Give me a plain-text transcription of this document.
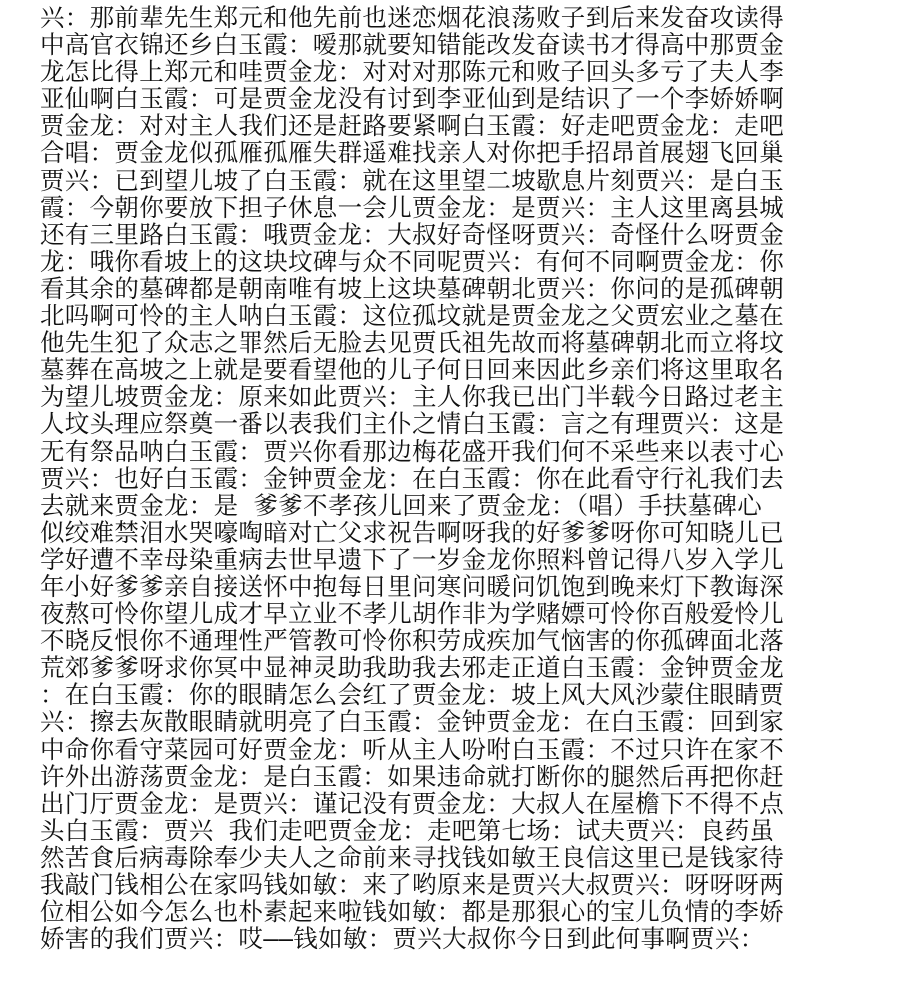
兴：那前辈先生郑元和他先前也迷恋烟花浪荡败子到后来发奋攻读得
中高官衣锦还乡白玉霞：嗳那就要知错能改发奋读书才得高中那贾金
龙怎比得上郑元和哇贾金龙：对对对那陈元和败子回头多亏了夫人李
亚仙啊白玉霞：可是贾金龙没有讨到李亚仙到是结识了一个李娇娇啊
贾金龙：对对主人我们还是赶路要紧啊白玉霞：好走吧贾金龙：走吧
合唱：贾金龙似孤雁孤雁失群遥难找亲人对你把手招昂首展翅飞回巢
贾兴：已到望儿坡了白玉霞：就在这里望二坡歇息片刻贾兴：是白玉
霞：今朝你要放下担子休息一会儿贾金龙：是贾兴：主人这里离县城
还有三里路白玉霞：哦贾金龙：大叔好奇怪呀贾兴：奇怪什么呀贾金
龙：哦你看坡上的这块坟碑与众不同呢贾兴：有何不同啊贾金龙：你
看其余的墓碑都是朝南唯有坡上这块墓碑朝北贾兴：你问的是孤碑朝
北吗啊可怜的主人呐白玉霞：这位孤坟就是贾金龙之父贾宏业之墓在
他先生犯了众志之罪然后无脸去见贾氏祖先故而将墓碑朝北而立将坟
墓葬在高坡之上就是要看望他的儿子何日回来因此乡亲们将这里取名
为望儿坡贾金龙：原来如此贾兴：主人你我已出门半载今日路过老主
人坟头理应祭奠一番以表我们主仆之情白玉霞：言之有理贾兴：这是
无有祭品呐白玉霞：贾兴你看那边梅花盛开我们何不采些来以表寸心
贾兴：也好白玉霞：金钟贾金龙：在白玉霞：你在此看守行礼我们去
去就来贾金龙：是 爹爹不孝孩儿回来了贾金龙：（唱）手扶墓碑心
似绞难禁泪水哭嚎啕暗对亡父求祝告啊呀我的好爹爹呀你可知晓儿已
学好遭不幸母染重病去世早遗下了一岁金龙你照料曾记得八岁入学儿
年小好爹爹亲自接送怀中抱每日里问寒问暖问饥饱到晚来灯下教诲深
夜熬可怜你望儿成才早立业不孝儿胡作非为学赌嫖可怜你百般爱怜儿
不晓反恨你不通理性严管教可怜你积劳成疾加气恼害的你孤碑面北落
荒郊爹爹呀求你冥中显神灵助我助我去邪走正道白玉霞：金钟贾金龙
：在白玉霞：你的眼睛怎么会红了贾金龙：坡上风大风沙蒙住眼睛贾
兴：擦去灰散眼睛就明亮了白玉霞：金钟贾金龙：在白玉霞：回到家
中命你看守菜园可好贾金龙：听从主人吩咐白玉霞：不过只许在家不
许外出游荡贾金龙：是白玉霞：如果违命就打断你的腿然后再把你赶
出门厅贾金龙：是贾兴：谨记没有贾金龙：大叔人在屋檐下不得不点
头白玉霞：贾兴 我们走吧贾金龙：走吧第七场：试夫贾兴：良药虽
然苦食后病毒除奉少夫人之命前来寻找钱如敏王良信这里已是钱家待
我敲门钱相公在家吗钱如敏：来了哟原来是贾兴大叔贾兴：呀呀呀两
位相公如今怎么也朴素起来啦钱如敏：都是那狠心的宝儿负情的李娇
娇害的我们贾兴：哎——钱如敏：贾兴大叔你今日到此何事啊贾兴：
